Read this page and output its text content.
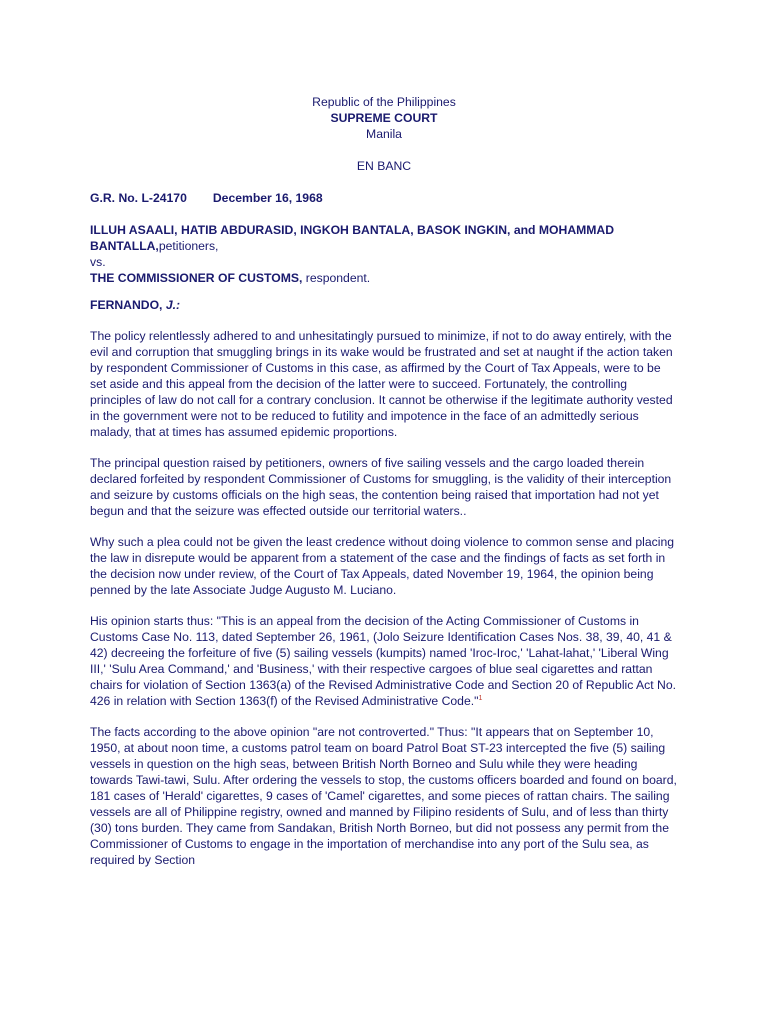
Republic of the Philippines
SUPREME COURT
Manila
EN BANC
G.R. No. L-24170 December 16, 1968
ILLUH ASAALI, HATIB ABDURASID, INGKOH BANTALA, BASOK INGKIN, and MOHAMMAD BANTALLA,petitioners,
vs.
THE COMMISSIONER OF CUSTOMS, respondent.
FERNANDO, J.:

The policy relentlessly adhered to and unhesitatingly pursued to minimize, if not to do away entirely, with the evil and corruption that smuggling brings in its wake would be frustrated and set at naught if the action taken by respondent Commissioner of Customs in this case, as affirmed by the Court of Tax Appeals, were to be set aside and this appeal from the decision of the latter were to succeed. Fortunately, the controlling principles of law do not call for a contrary conclusion. It cannot be otherwise if the legitimate authority vested in the government were not to be reduced to futility and impotence in the face of an admittedly serious malady, that at times has assumed epidemic proportions.

The principal question raised by petitioners, owners of five sailing vessels and the cargo loaded therein declared forfeited by respondent Commissioner of Customs for smuggling, is the validity of their interception and seizure by customs officials on the high seas, the contention being raised that importation had not yet begun and that the seizure was effected outside our territorial waters..

Why such a plea could not be given the least credence without doing violence to common sense and placing the law in disrepute would be apparent from a statement of the case and the findings of facts as set forth in the decision now under review, of the Court of Tax Appeals, dated November 19, 1964, the opinion being penned by the late Associate Judge Augusto M. Luciano.

His opinion starts thus: "This is an appeal from the decision of the Acting Commissioner of Customs in Customs Case No. 113, dated September 26, 1961, (Jolo Seizure Identification Cases Nos. 38, 39, 40, 41 & 42) decreeing the forfeiture of five (5) sailing vessels (kumpits) named 'Iroc-Iroc,' 'Lahat-lahat,' 'Liberal Wing III,' 'Sulu Area Command,' and 'Business,' with their respective cargoes of blue seal cigarettes and rattan chairs for violation of Section 1363(a) of the Revised Administrative Code and Section 20 of Republic Act No. 426 in relation with Section 1363(f) of the Revised Administrative Code."$^1$

The facts according to the above opinion "are not controverted." Thus: "It appears that on September 10, 1950, at about noon time, a customs patrol team on board Patrol Boat ST-23 intercepted the five (5) sailing vessels in question on the high seas, between British North Borneo and Sulu while they were heading towards Tawi-tawi, Sulu. After ordering the vessels to stop, the customs officers boarded and found on board, 181 cases of 'Herald' cigarettes, 9 cases of 'Camel' cigarettes, and some pieces of rattan chairs. The sailing vessels are all of Philippine registry, owned and manned by Filipino residents of Sulu, and of less than thirty (30) tons burden. They came from Sandakan, British North Borneo, but did not possess any permit from the Commissioner of Customs to engage in the importation of merchandise into any port of the Sulu sea, as required by Section
